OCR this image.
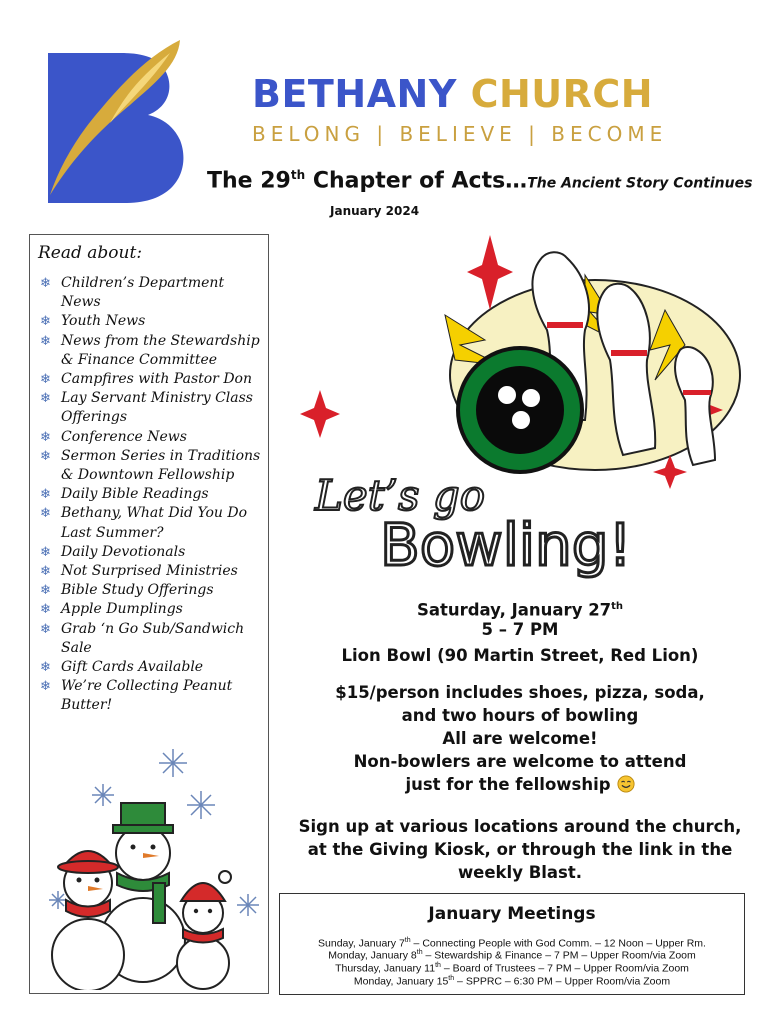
BETHANY CHURCH
BELONG | BELIEVE | BECOME
The 29th Chapter of Acts…The Ancient Story Continues
January 2024
Read about:
❄ Children’s Department News
❄ Youth News
❄ News from the Stewardship & Finance Committee
❄ Campfires with Pastor Don
❄ Lay Servant Ministry Class Offerings
❄ Conference News
❄ Sermon Series in Traditions & Downtown Fellowship
❄ Daily Bible Readings
❄ Bethany, What Did You Do Last Summer?
❄ Daily Devotionals
❄ Not Surprised Ministries
❄ Bible Study Offerings
❄ Apple Dumplings
❄ Grab ‘n Go Sub/Sandwich Sale
❄ Gift Cards Available
❄ We’re Collecting Peanut Butter!
Let’s go
Bowling!
Saturday, January 27th
5 – 7 PM
Lion Bowl (90 Martin Street, Red Lion)
$15/person includes shoes, pizza, soda,
and two hours of bowling
All are welcome!
Non-bowlers are welcome to attend
just for the fellowship
Sign up at various locations around the church,
at the Giving Kiosk, or through the link in the
weekly Blast.
January Meetings
Sunday, January 7th – Connecting People with God Comm. – 12 Noon – Upper Rm.
Monday, January 8th – Stewardship & Finance – 7 PM – Upper Room/via Zoom
Thursday, January 11th – Board of Trustees – 7 PM – Upper Room/via Zoom
Monday, January 15th – SPPRC – 6:30 PM – Upper Room/via Zoom
